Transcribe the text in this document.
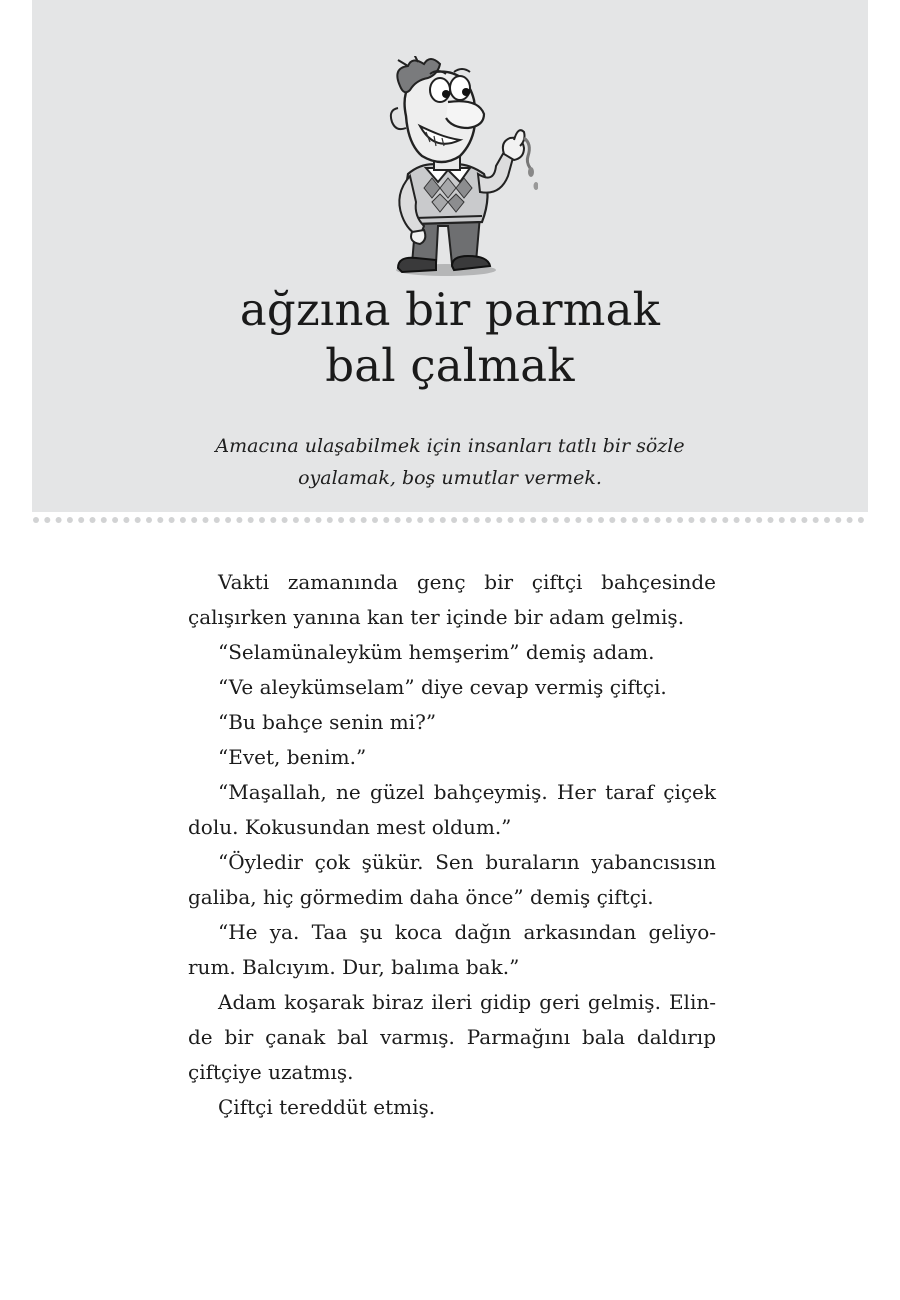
ağzına bir parmak
bal çalmak

Amacına ulaşabilmek için insanları tatlı bir sözle
oyalamak, boş umutlar vermek.

Vakti zamanında genç bir çiftçi bahçesinde çalışırken yanına kan ter içinde bir adam gelmiş.

“Selamünaleyküm hemşerim” demiş adam.

“Ve aleykümselam” diye cevap vermiş çiftçi.

“Bu bahçe senin mi?”

“Evet, benim.”

“Maşallah, ne güzel bahçeymiş. Her taraf çiçek dolu. Kokusundan mest oldum.”

“Öyledir çok şükür. Sen buraların yabancısısın galiba, hiç görmedim daha önce” demiş çiftçi.

“He ya. Taa şu koca dağın arkasından geliyo-rum. Balcıyım. Dur, balıma bak.”

Adam koşarak biraz ileri gidip geri gelmiş. Elin-de bir çanak bal varmış. Parmağını bala daldırıp çiftçiye uzatmış.

Çiftçi tereddüt etmiş.
